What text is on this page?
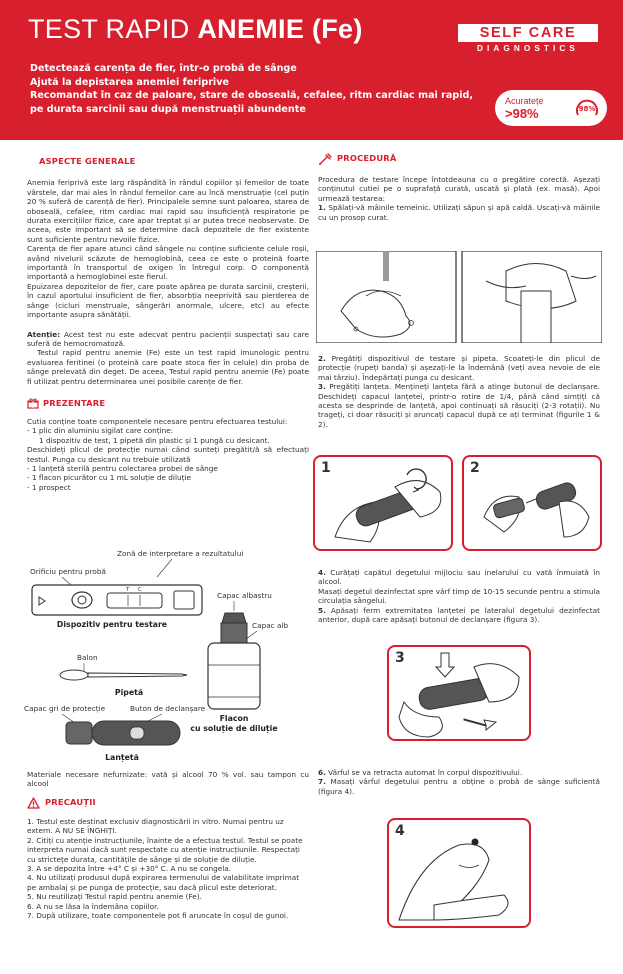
TEST RAPID ANEMIE (Fe)
Detectează carența de fier, într-o probă de sânge
Ajută la depistarea anemiei feriprive
Recomandat în caz de paloare, stare de oboseală, cefalee, ritm cardiac mai rapid,
pe durata sarcinii sau după menstruații abundente
SELF CARE
DIAGNOSTICS
Acuratețe
>98%	98%
ASPECTE GENERALE
Anemia feriprivă este larg răspândită în rândul copiilor și femeilor de toate vârstele, dar mai ales în rândul femeilor care au încă menstruație (cel puțin 20 % suferă de carență de fier). Principalele semne sunt paloarea, starea de oboseală, cefalee, ritm cardiac mai rapid sau insuficiență respiratorie pe durata exercițiilor fizice, care apar treptat și ar putea trece neobservate. De aceea, este important să se determine dacă depozitele de fier existente sunt suficiente pentru nevoile fizice.
Carența de fier apare atunci când sângele nu conține suficiente celule roșii, având nivelurii scăzute de hemoglobină, ceea ce este o proteină foarte importantă în transportul de oxigen în întregul corp. O componentă importantă a hemoglobinei este fierul.
Epuizarea depozitelor de fier, care poate apărea pe durata sarcinii, creșterii, în cazul aportului insuficient de fier, absorbția neeprivită sau pierderea de sânge (cicluri menstruale, sângerări anormale, ulcere, etc) au efecte importante asupra sănătății.
Atenție: Acest test nu este adecvat pentru pacienții suspectați sau care suferă de hemocromatoză.
Testul rapid pentru anemie (Fe) este un test rapid imunologic pentru evaluarea feritinei (o proteină care poate stoca fier în celule) din proba de sânge prelevată din deget. De aceea, Testul rapid pentru anemie (Fe) poate fi utilizat pentru determinarea unei posibile carențe de fier.
PREZENTARE
Cutia conține toate componentele necesare pentru efectuarea testului:
- 1 plic din aluminiu sigilat care conține:
1 dispozitiv de test, 1 pipetă din plastic și 1 pungă cu desicant.
Deschideți plicul de protecție numai când sunteți pregătit/ă să efectuați testul. Punga cu desicant nu trebuie utilizată
- 1 lanțetă sterilă pentru colectarea probei de sânge
- 1 flacon picurător cu 1 mL soluție de diluție
- 1 prospect
Zonă de interpretare a rezultatului
Orificiu pentru probă
T C
Dispozitiv pentru testare
Capac albastru
Capac alb
Flacon
cu soluție de diluție
Balon
Pipetă
Capac gri de protecție	Buton de declanșare
Lanțetă
Materiale necesare nefurnizate: vată și alcool 70 % vol. sau tampon cu alcool
PRECAUȚII
1. Testul este destinat exclusiv diagnosticării in vitro. Numai pentru uz extern. A NU SE ÎNGHIȚI.
2. Citiți cu atenție instrucțiunile, înainte de a efectua testul. Testul se poate interpreta numai dacă sunt respectate cu atenție instrucțiunile. Respectați cu strictețe durata, cantitățile de sânge și de soluție de diluție.
3. A se depozita între +4° C și +30° C. A nu se congela.
4. Nu utilizați produsul după expirarea termenului de valabilitate imprimat pe ambalaj și pe punga de protecție, sau dacă plicul este deteriorat.
5. Nu reutilizați Testul rapid pentru anemie (Fe).
6. A nu se lăsa la îndemâna copiilor.
7. După utilizare, toate componentele pot fi aruncate în coșul de gunoi.
PROCEDURĂ
Procedura de testare începe întotdeauna cu o pregătire corectă. Așezați conținutul cutiei pe o suprafață curată, uscată și plată (ex. masă). Apoi urmează testarea:
1. Spălați-vă mâinile temeinic. Utilizați săpun și apă caldă. Uscați-vă mâinile cu un prosop curat.
2. Pregătiți dispozitivul de testare și pipeta. Scoateți-le din plicul de protecție (rupeți banda) și așezați-le la îndemână (veți avea nevoie de ele mai târziu). Îndepărtați punga cu desicant.
3. Pregătiți lanțeta. Mențineți lanțeta fără a atinge butonul de declanșare. Deschideți capacul lanțetei, printr-o rotire de 1/4, până când simțiți că acesta se desprinde de lanțetă, apoi continuați să răsuciți (2-3 rotații). Nu trageți, ci doar răsuciți și aruncați capacul după ce ați terminat (figurile 1 & 2).
1	2
4. Curățați capătul degetului mijlociu sau inelarului cu vată înmuiată în alcool.
Masați degetul dezinfectat spre vârf timp de 10-15 secunde pentru a stimula circulația sângelui.
5. Apăsați ferm extremitatea lanțetei pe lateralul degetului dezinfectat anterior, după care apăsați butonul de declanșare (figura 3).
3
6. Vârful se va retracta automat în corpul dispozitivului.
7. Masați vârful degetului pentru a obține o probă de sânge suficientă (figura 4).
4
